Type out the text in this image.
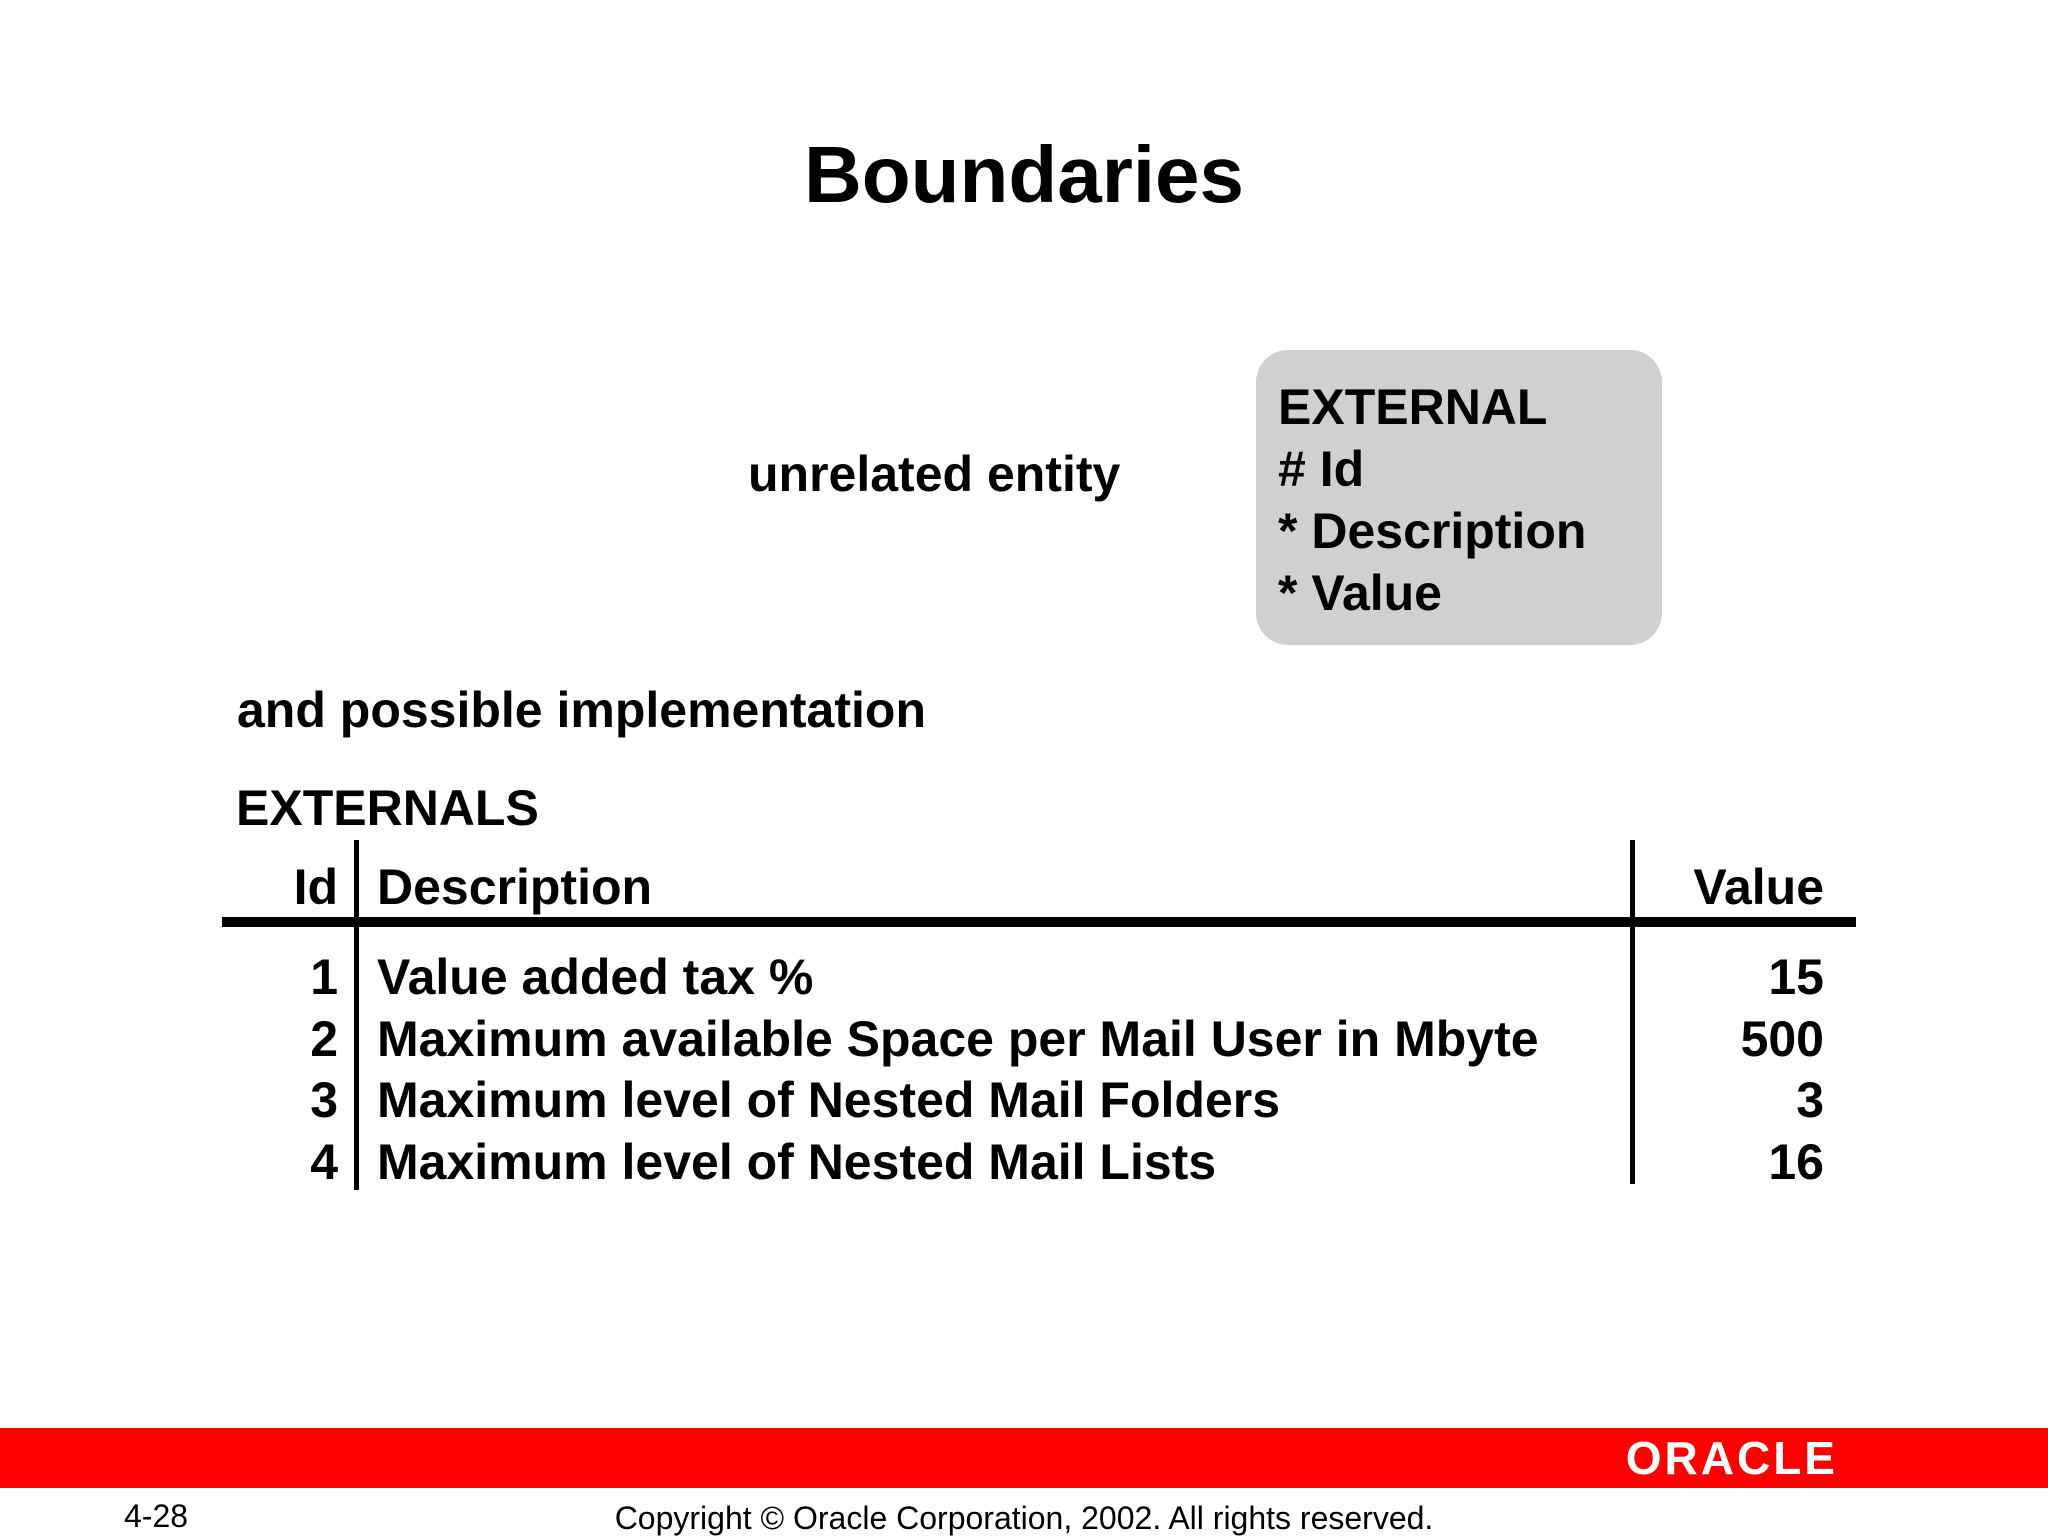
Boundaries
unrelated entity
EXTERNAL
# Id
* Description
* Value
and possible implementation
EXTERNALS
Id Description	Value
1 Value added tax %	15
2 Maximum available Space per Mail User in Mbyte	500
3 Maximum level of Nested Mail Folders	3
4 Maximum level of Nested Mail Lists	16
ORACLE
4-28	Copyright © Oracle Corporation, 2002. All rights reserved.
